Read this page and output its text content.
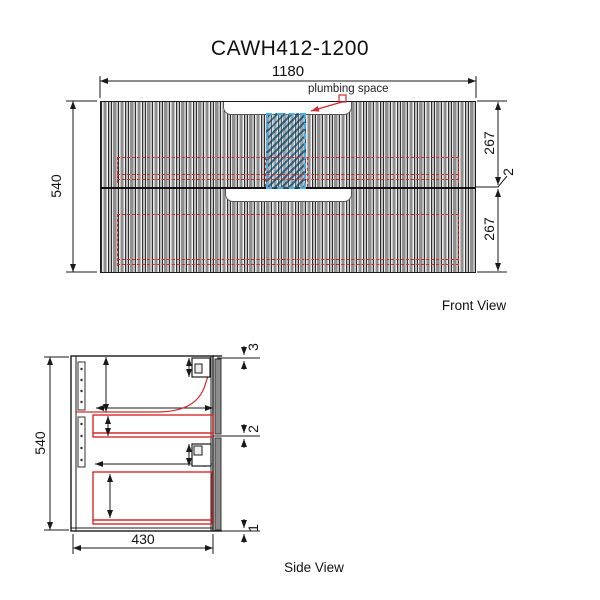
CAWH412-1200
1180
540
267
2
267
plumbing space
Front View
540
430
3
2
1
Side View
